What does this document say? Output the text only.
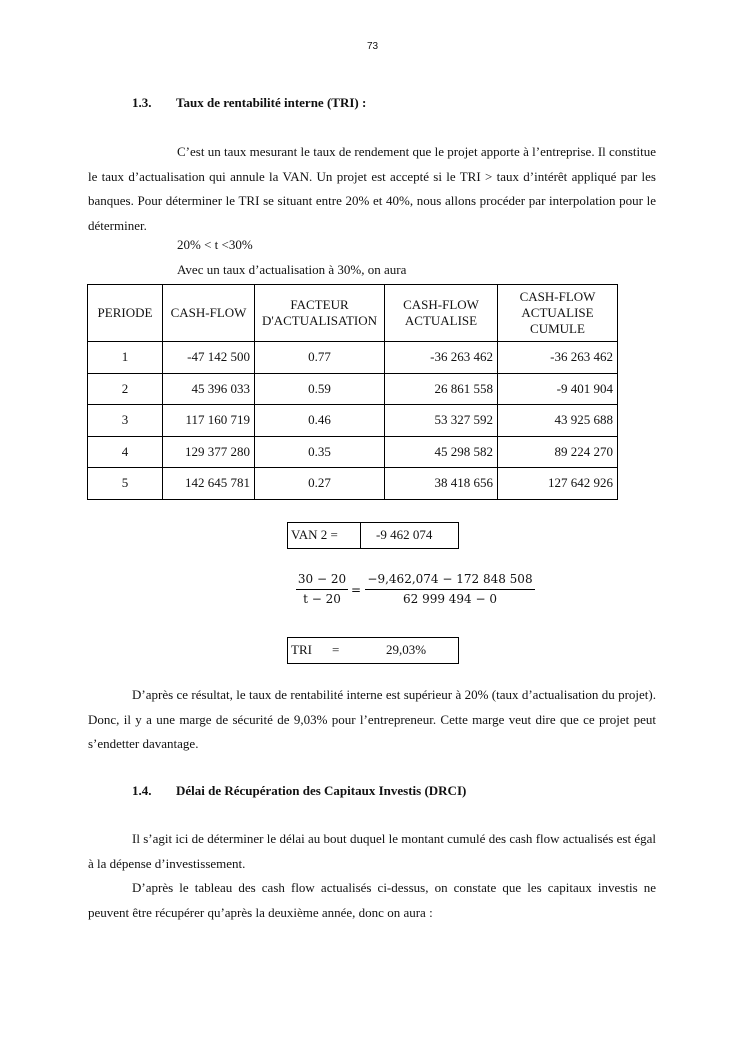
73
1.3. Taux de rentabilité interne (TRI) :
C’est un taux mesurant le taux de rendement que le projet apporte à l’entreprise. Il constitue le taux d’actualisation qui annule la VAN. Un projet est accepté si le TRI > taux d’intérêt appliqué par les banques. Pour déterminer le TRI se situant entre 20% et 40%, nous allons procéder par interpolation pour le déterminer.
20% < t <30%
Avec un taux d’actualisation à 30%, on aura
PERIODE	CASH-FLOW	FACTEUR D'ACTUALISATION	CASH-FLOW ACTUALISE	CASH-FLOW ACTUALISE CUMULE
1	-47 142 500	0.77	-36 263 462	-36 263 462
2	45 396 033	0.59	26 861 558	-9 401 904
3	117 160 719	0.46	53 327 592	43 925 688
4	129 377 280	0.35	45 298 582	89 224 270
5	142 645 781	0.27	38 418 656	127 642 926
VAN 2 =	-9 462 074
$\frac{30 - 20}{t - 20} = \frac{-9,462,074 - 172 848 508}{62 999 494 - 0}$
TRI =	29,03%
D’après ce résultat, le taux de rentabilité interne est supérieur à 20% (taux d’actualisation du projet). Donc, il y a une marge de sécurité de 9,03% pour l’entrepreneur. Cette marge veut dire que ce projet peut s’endetter davantage.
1.4. Délai de Récupération des Capitaux Investis (DRCI)
Il s’agit ici de déterminer le délai au bout duquel le montant cumulé des cash flow actualisés est égal à la dépense d’investissement.
D’après le tableau des cash flow actualisés ci-dessus, on constate que les capitaux investis ne peuvent être récupérer qu’après la deuxième année, donc on aura :
